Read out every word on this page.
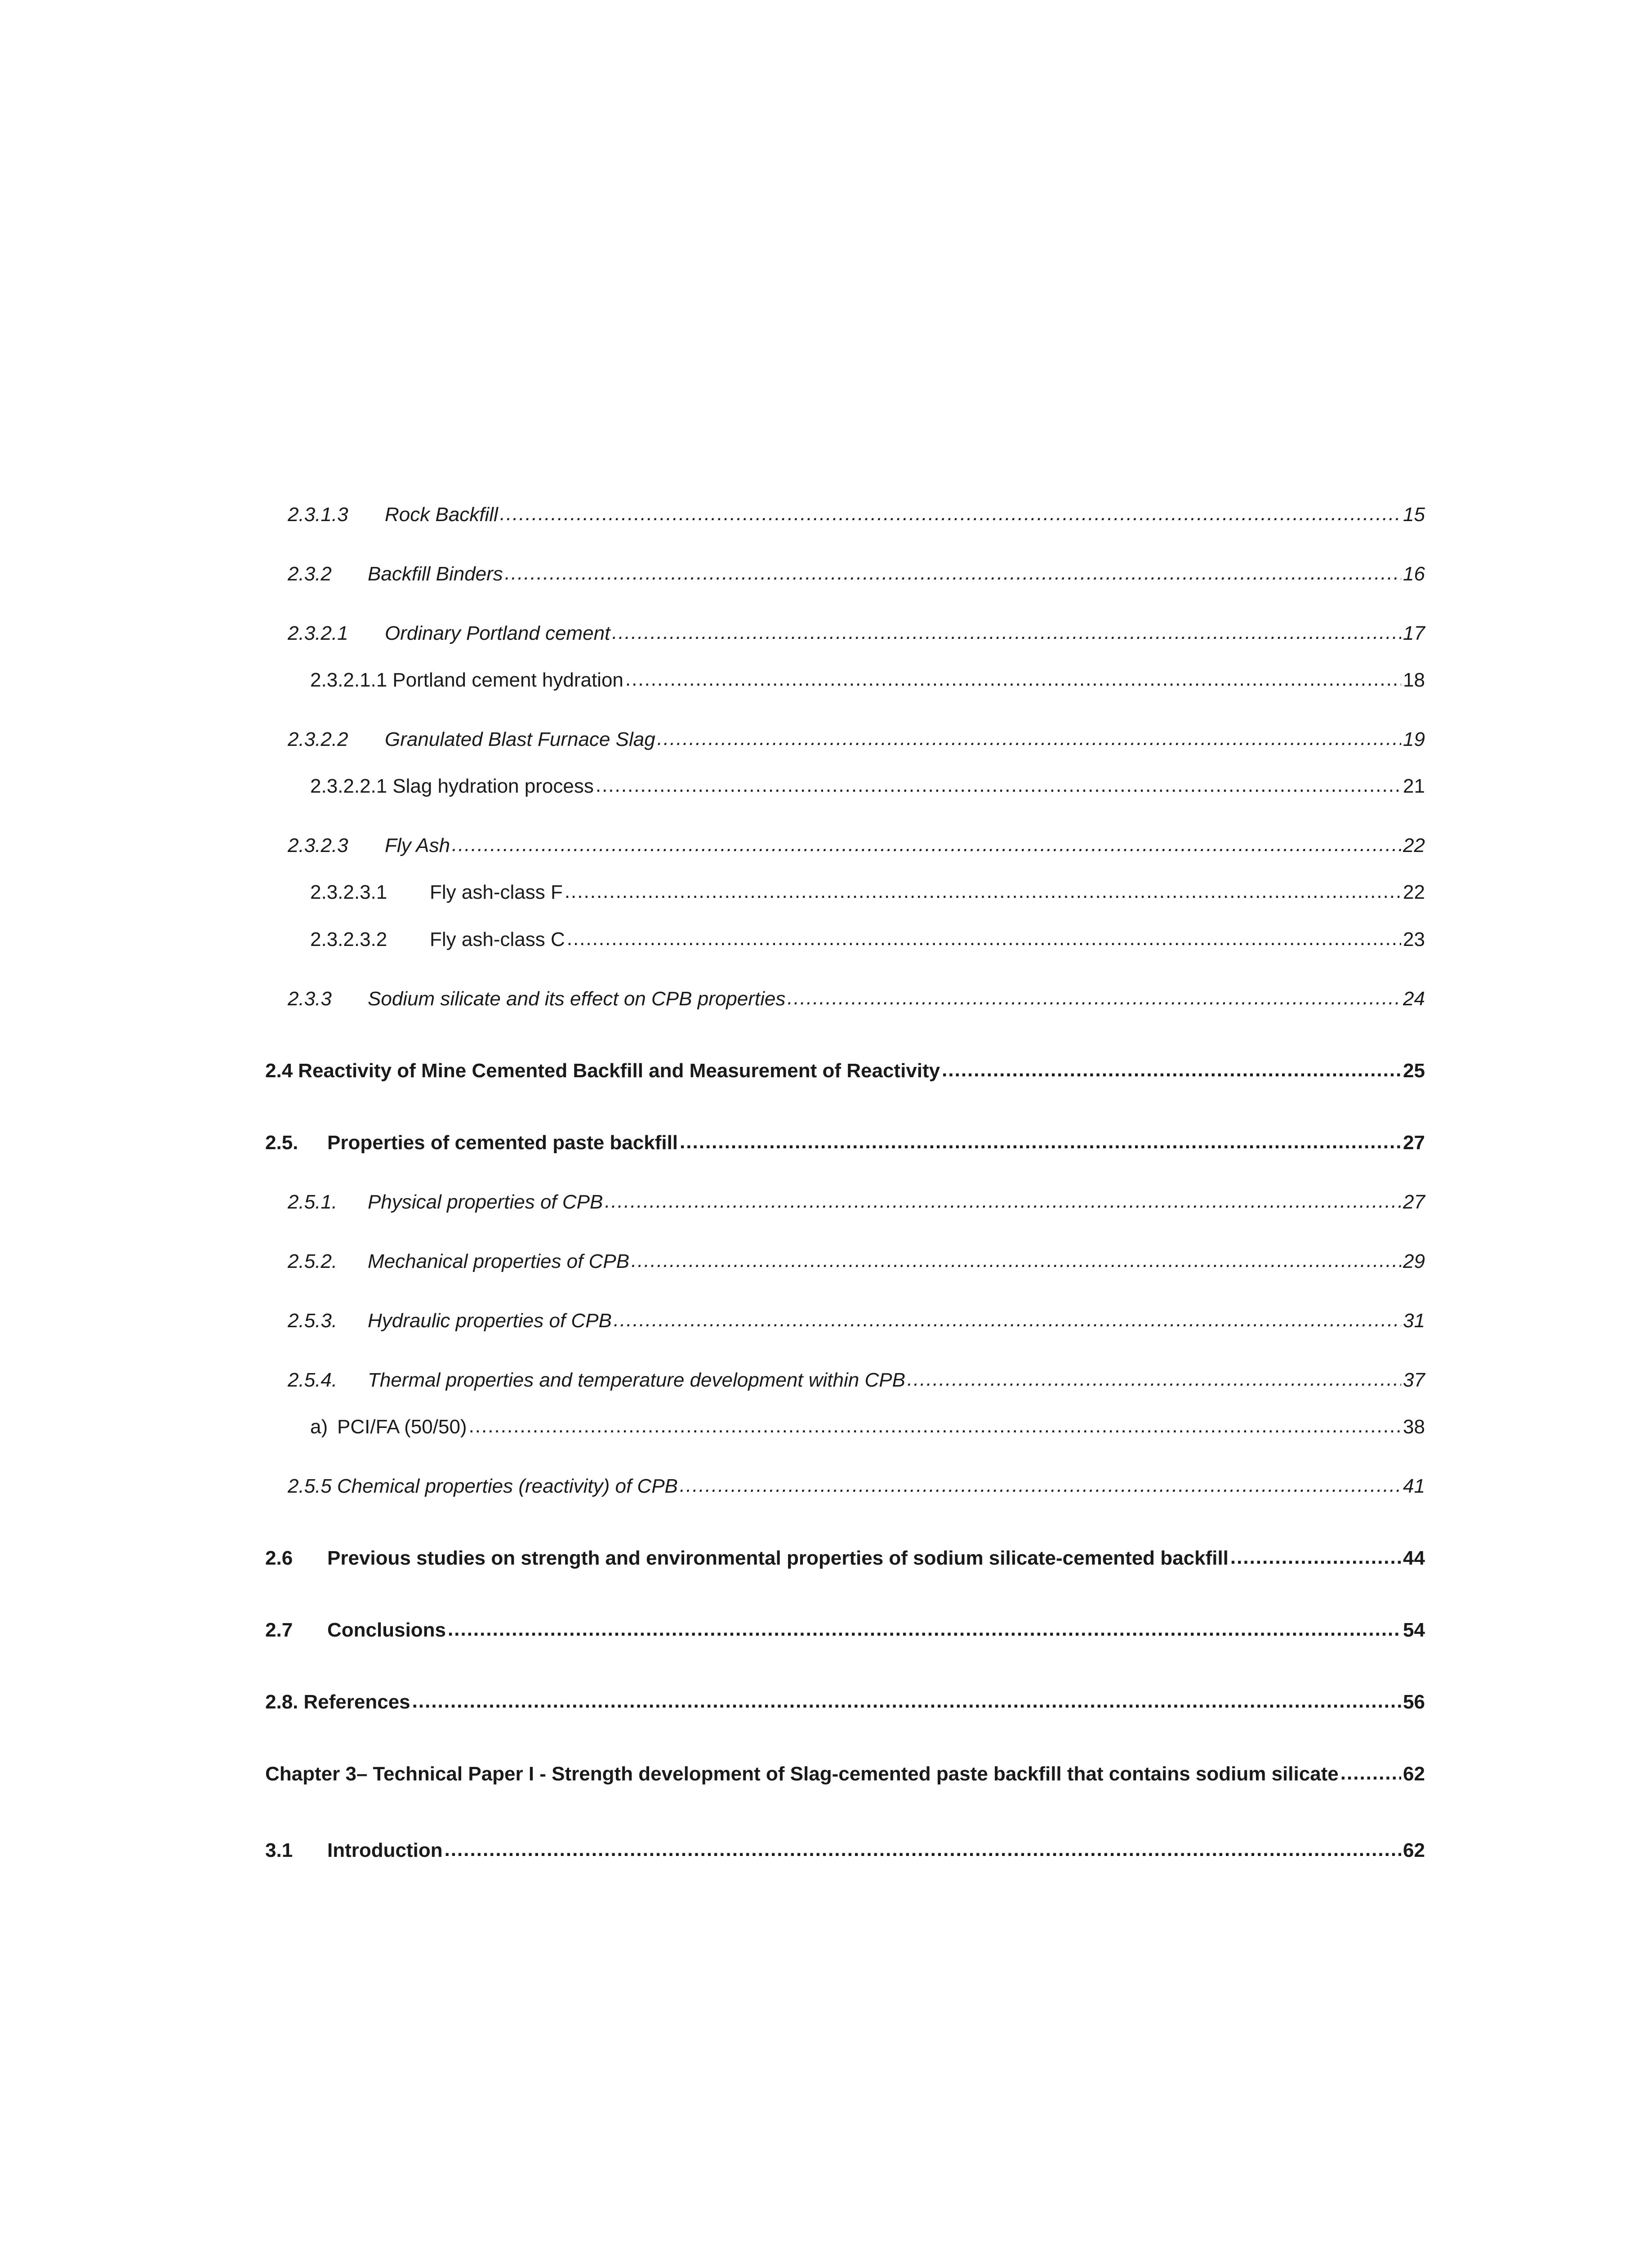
2.3.1.3	Rock Backfill .....	15
2.3.2	Backfill Binders .....	16
2.3.2.1	Ordinary Portland cement .....	17
2.3.2.1.1 Portland cement hydration .....	18
2.3.2.2	Granulated Blast Furnace Slag .....	19
2.3.2.2.1 Slag hydration process .....	21
2.3.2.3	Fly Ash .....	22
2.3.2.3.1	Fly ash-class F .....	22
2.3.2.3.2	Fly ash-class C .....	23
2.3.3	Sodium silicate and its effect on CPB properties .....	24
2.4 Reactivity of Mine Cemented Backfill and Measurement of Reactivity .....	25
2.5.	Properties of cemented paste backfill .....	27
2.5.1.	Physical properties of CPB .....	27
2.5.2.	Mechanical properties of CPB .....	29
2.5.3.	Hydraulic properties of CPB .....	31
2.5.4.	Thermal properties and temperature development within CPB .....	37
a) PCI/FA (50/50) .....	38
2.5.5 Chemical properties (reactivity) of CPB .....	41
2.6	Previous studies on strength and environmental properties of sodium silicate-cemented backfill .....	44
2.7	Conclusions .....	54
2.8. References .....	56
Chapter 3– Technical Paper I - Strength development of Slag-cemented paste backfill that contains sodium silicate .....	62
3.1	Introduction .....	62
